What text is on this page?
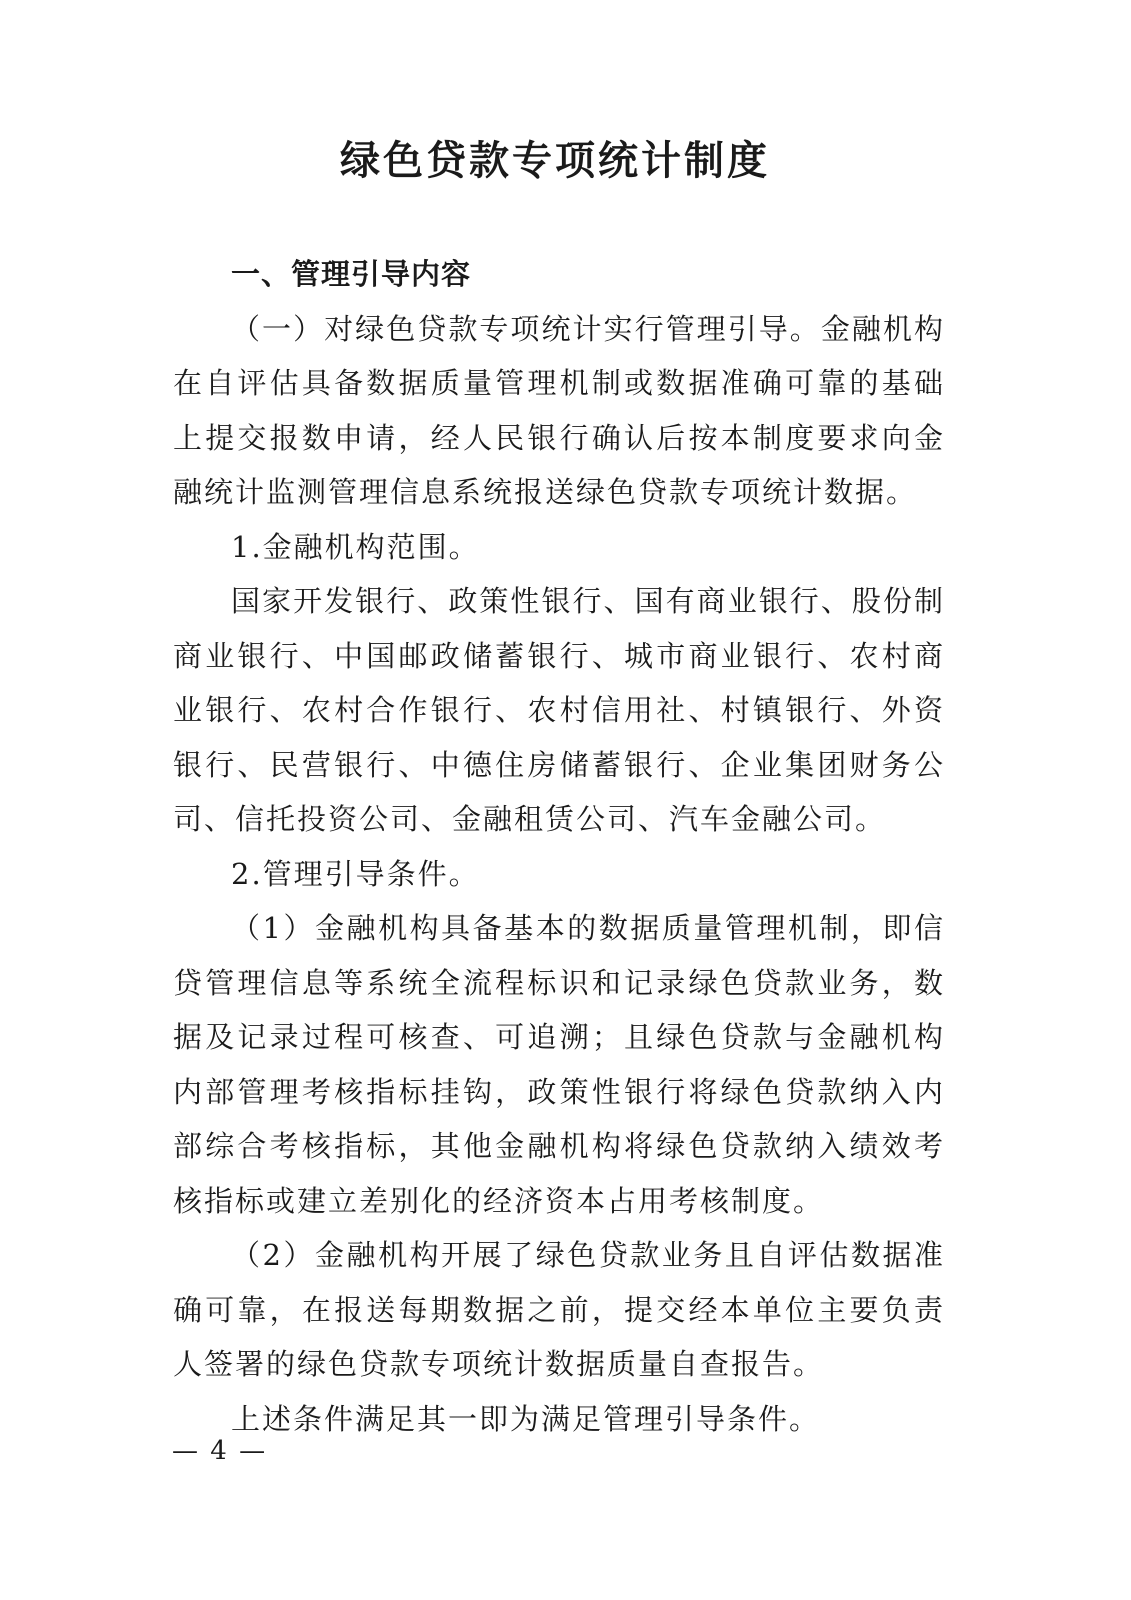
绿色贷款专项统计制度

一、管理引导内容

（一）对绿色贷款专项统计实行管理引导。金融机构在自评估具备数据质量管理机制或数据准确可靠的基础上提交报数申请，经人民银行确认后按本制度要求向金融统计监测管理信息系统报送绿色贷款专项统计数据。

1.金融机构范围。

国家开发银行、政策性银行、国有商业银行、股份制商业银行、中国邮政储蓄银行、城市商业银行、农村商业银行、农村合作银行、农村信用社、村镇银行、外资银行、民营银行、中德住房储蓄银行、企业集团财务公司、信托投资公司、金融租赁公司、汽车金融公司。

2.管理引导条件。

（1）金融机构具备基本的数据质量管理机制，即信贷管理信息等系统全流程标识和记录绿色贷款业务，数据及记录过程可核查、可追溯；且绿色贷款与金融机构内部管理考核指标挂钩，政策性银行将绿色贷款纳入内部综合考核指标，其他金融机构将绿色贷款纳入绩效考核指标或建立差别化的经济资本占用考核制度。

（2）金融机构开展了绿色贷款业务且自评估数据准确可靠，在报送每期数据之前，提交经本单位主要负责人签署的绿色贷款专项统计数据质量自查报告。

上述条件满足其一即为满足管理引导条件。

— 4 —
